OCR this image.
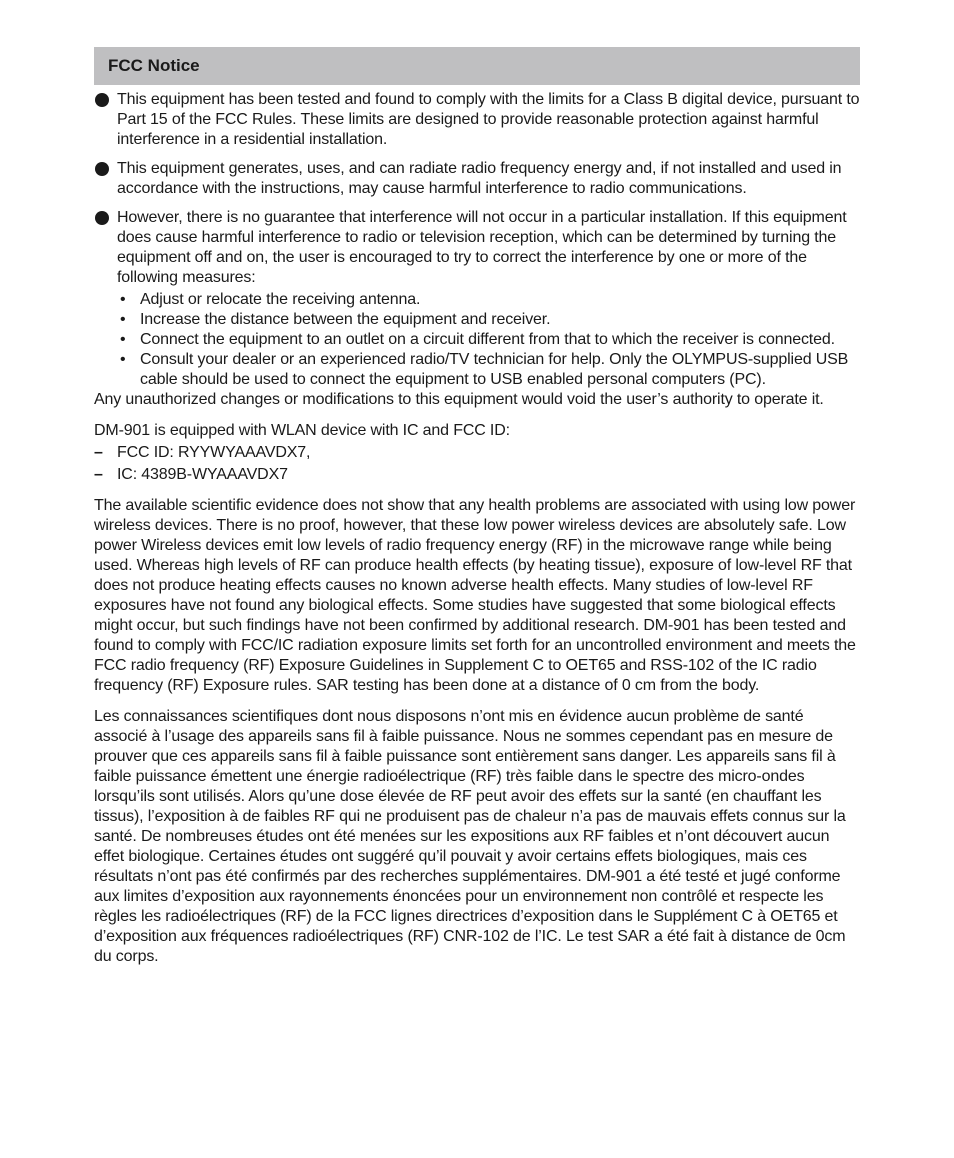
FCC Notice
This equipment has been tested and found to comply with the limits for a Class B digital device, pursuant to Part 15 of the FCC Rules. These limits are designed to provide reasonable protection against harmful interference in a residential installation.
This equipment generates, uses, and can radiate radio frequency energy and, if not installed and used in accordance with the instructions, may cause harmful interference to radio communications.
However, there is no guarantee that interference will not occur in a particular installation. If this equipment does cause harmful interference to radio or television reception, which can be determined by turning the equipment off and on, the user is encouraged to try to correct the interference by one or more of the following measures:
• Adjust or relocate the receiving antenna.
• Increase the distance between the equipment and receiver.
• Connect the equipment to an outlet on a circuit different from that to which the receiver is connected.
• Consult your dealer or an experienced radio/TV technician for help. Only the OLYMPUS-supplied USB cable should be used to connect the equipment to USB enabled personal computers (PC).

Any unauthorized changes or modifications to this equipment would void the user’s authority to operate it.

DM-901 is equipped with WLAN device with IC and FCC ID:

– FCC ID: RYYWYAAAVDX7,
– IC: 4389B-WYAAAVDX7

The available scientific evidence does not show that any health problems are associated with using low power wireless devices. There is no proof, however, that these low power wireless devices are absolutely safe. Low power Wireless devices emit low levels of radio frequency energy (RF) in the microwave range while being used. Whereas high levels of RF can produce health effects (by heating tissue), exposure of low-level RF that does not produce heating effects causes no known adverse health effects. Many studies of low-level RF exposures have not found any biological effects. Some studies have suggested that some biological effects might occur, but such findings have not been confirmed by additional research. DM-901 has been tested and found to comply with FCC/IC radiation exposure limits set forth for an uncontrolled environment and meets the FCC radio frequency (RF) Exposure Guidelines in Supplement C to OET65 and RSS-102 of the IC radio frequency (RF) Exposure rules. SAR testing has been done at a distance of 0 cm from the body.

Les connaissances scientifiques dont nous disposons n’ont mis en évidence aucun problème de santé associé à l’usage des appareils sans fil à faible puissance. Nous ne sommes cependant pas en mesure de prouver que ces appareils sans fil à faible puissance sont entièrement sans danger. Les appareils sans fil à faible puissance émettent une énergie radioélectrique (RF) très faible dans le spectre des micro-ondes lorsqu’ils sont utilisés. Alors qu’une dose élevée de RF peut avoir des effets sur la santé (en chauffant les tissus), l’exposition à de faibles RF qui ne produisent pas de chaleur n’a pas de mauvais effets connus sur la santé. De nombreuses études ont été menées sur les expositions aux RF faibles et n’ont découvert aucun effet biologique. Certaines études ont suggéré qu’il pouvait y avoir certains effets biologiques, mais ces résultats n’ont pas été confirmés par des recherches supplémentaires. DM-901 a été testé et jugé conforme aux limites d’exposition aux rayonnements énoncées pour un environnement non contrôlé et respecte les règles les radioélectriques (RF) de la FCC lignes directrices d’exposition dans le Supplément C à OET65 et d’exposition aux fréquences radioélectriques (RF) CNR-102 de l’IC. Le test SAR a été fait à distance de 0cm du corps.
